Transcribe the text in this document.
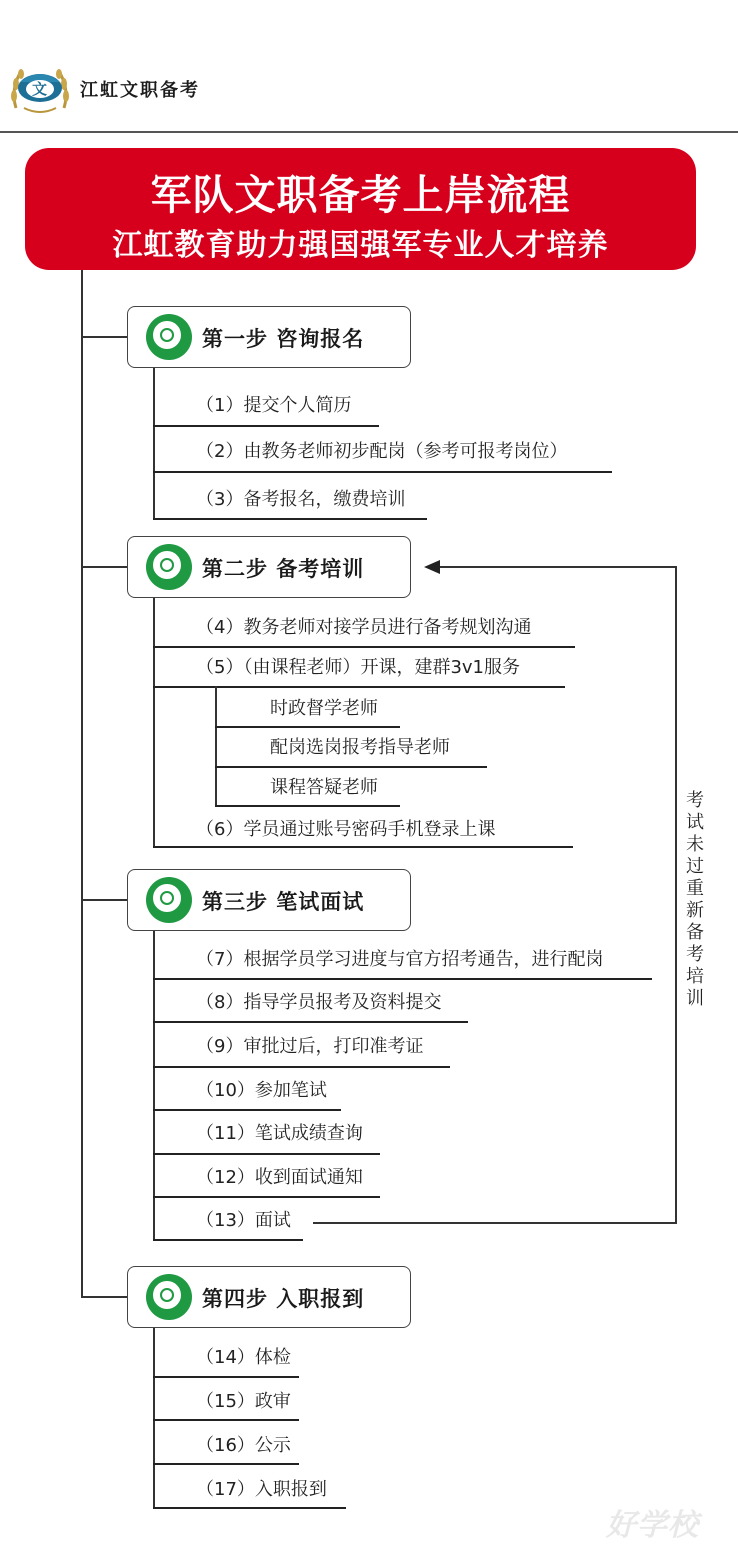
文 江虹文职备考
军队文职备考上岸流程
江虹教育助力强国强军专业人才培养
第一步 咨询报名
（1）提交个人简历
（2）由教务老师初步配岗（参考可报考岗位）
（3）备考报名，缴费培训
第二步 备考培训
（4）教务老师对接学员进行备考规划沟通
（5）（由课程老师）开课，建群3v1服务
时政督学老师
配岗选岗报考指导老师
课程答疑老师
（6）学员通过账号密码手机登录上课
第三步 笔试面试
（7）根据学员学习进度与官方招考通告，进行配岗
（8）指导学员报考及资料提交
（9）审批过后，打印准考证
（10）参加笔试
（11）笔试成绩查询
（12）收到面试通知
（13）面试
考试未过重新备考培训
第四步 入职报到
（14）体检
（15）政审
（16）公示
（17）入职报到
好学校
